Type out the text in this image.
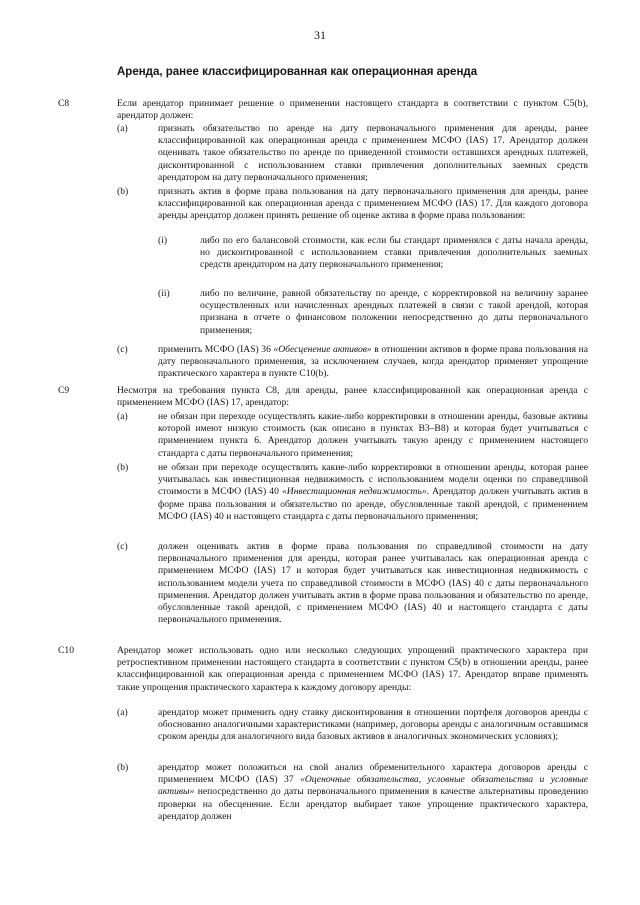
31
Аренда, ранее классифицированная как операционная аренда
C8	Если арендатор принимает решение о применении настоящего стандарта в соответствии с пунктом С5(b), арендатор должен:
(a)	признать обязательство по аренде на дату первоначального применения для аренды, ранее классифицированной как операционная аренда с применением МСФО (IAS) 17. Арендатор должен оценивать такое обязательство по аренде по приведенной стоимости оставшихся арендных платежей, дисконтированной с использованием ставки привлечения дополнительных заемных средств арендатором на дату первоначального применения;
(b)	признать актив в форме права пользования на дату первоначального применения для аренды, ранее классифицированной как операционная аренда с применением МСФО (IAS) 17. Для каждого договора аренды арендатор должен принять решение об оценке актива в форме права пользования:
(i)	либо по его балансовой стоимости, как если бы стандарт применялся с даты начала аренды, но дисконтированной с использованием ставки привлечения дополнительных заемных средств арендатором на дату первоначального применения;
(ii)	либо по величине, равной обязательству по аренде, с корректировкой на величину заранее осуществленных или начисленных арендных платежей в связи с такой арендой, которая признана в отчете о финансовом положении непосредственно до даты первоначального применения;
(c)	применить МСФО (IAS) 36 «Обесценение активов» в отношении активов в форме права пользования на дату первоначального применения, за исключением случаев, когда арендатор применяет упрощение практического характера в пункте С10(b).
C9	Несмотря на требования пункта С8, для аренды, ранее классифицированной как операционная аренда с применением МСФО (IAS) 17, арендатор:
(a)	не обязан при переходе осуществлять какие-либо корректировки в отношении аренды, базовые активы которой имеют низкую стоимость (как описано в пунктах В3–В8) и которая будет учитываться с применением пункта 6. Арендатор должен учитывать такую аренду с применением настоящего стандарта с даты первоначального применения;
(b)	не обязан при переходе осуществлять какие-либо корректировки в отношении аренды, которая ранее учитывалась как инвестиционная недвижимость с использованием модели оценки по справедливой стоимости в МСФО (IAS) 40 «Инвестиционная недвижимость». Арендатор должен учитывать актив в форме права пользования и обязательство по аренде, обусловленные такой арендой, с применением МСФО (IAS) 40 и настоящего стандарта с даты первоначального применения;
(c)	должен оценивать актив в форме права пользования по справедливой стоимости на дату первоначального применения для аренды, которая ранее учитывалась как операционная аренда с применением МСФО (IAS) 17 и которая будет учитываться как инвестиционная недвижимость с использованием модели учета по справедливой стоимости в МСФО (IAS) 40 с даты первоначального применения. Арендатор должен учитывать актив в форме права пользования и обязательство по аренде, обусловленные такой арендой, с применением МСФО (IAS) 40 и настоящего стандарта с даты первоначального применения.
C10	Арендатор может использовать одно или несколько следующих упрощений практического характера при ретроспективном применении настоящего стандарта в соответствии с пунктом С5(b) в отношении аренды, ранее классифицированной как операционная аренда с применением МСФО (IAS) 17. Арендатор вправе применять такие упрощения практического характера к каждому договору аренды:
(a)	арендатор может применить одну ставку дисконтирования в отношении портфеля договоров аренды с обоснованно аналогичными характеристиками (например, договоры аренды с аналогичным оставшимся сроком аренды для аналогичного вида базовых активов в аналогичных экономических условиях);
(b)	арендатор может положиться на свой анализ обременительного характера договоров аренды с применением МСФО (IAS) 37 «Оценочные обязательства, условные обязательства и условные активы» непосредственно до даты первоначального применения в качестве альтернативы проведению проверки на обесценение. Если арендатор выбирает такое упрощение практического характера, арендатор должен
